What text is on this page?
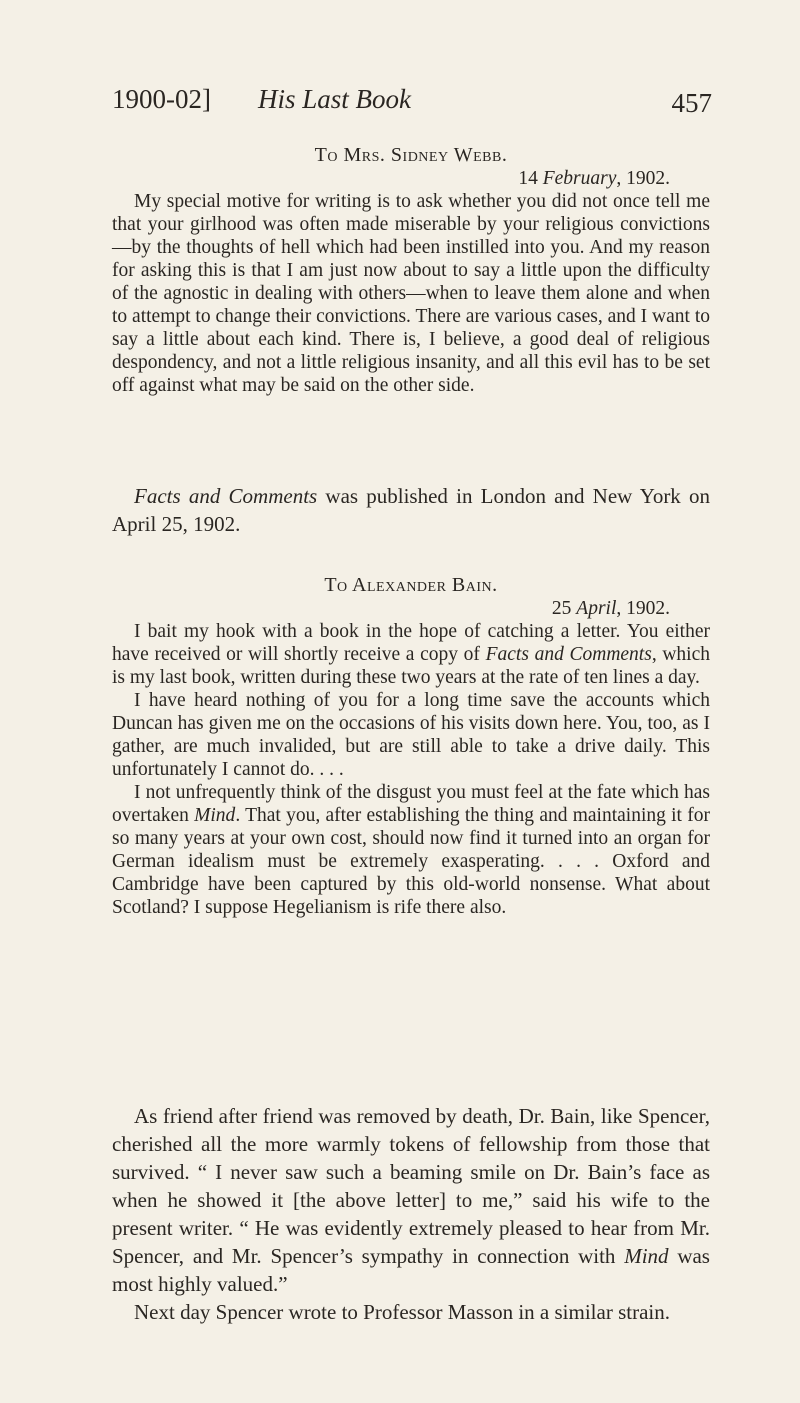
1900-02] His Last Book	457

To Mrs. Sidney Webb.

14 February, 1902.

My special motive for writing is to ask whether you did not once tell me that your girlhood was often made miserable by your religious convictions—by the thoughts of hell which had been instilled into you. And my reason for asking this is that I am just now about to say a little upon the difficulty of the agnostic in dealing with others—when to leave them alone and when to attempt to change their convictions. There are various cases, and I want to say a little about each kind. There is, I believe, a good deal of religious despondency, and not a little religious insanity, and all this evil has to be set off against what may be said on the other side.

Facts and Comments was published in London and New York on April 25, 1902.

To Alexander Bain.

25 April, 1902.

I bait my hook with a book in the hope of catching a letter. You either have received or will shortly receive a copy of Facts and Comments, which is my last book, written during these two years at the rate of ten lines a day.

I have heard nothing of you for a long time save the accounts which Duncan has given me on the occasions of his visits down here. You, too, as I gather, are much invalided, but are still able to take a drive daily. This unfortunately I cannot do. . . .

I not unfrequently think of the disgust you must feel at the fate which has overtaken Mind. That you, after establishing the thing and maintaining it for so many years at your own cost, should now find it turned into an organ for German idealism must be extremely exasperating. . . . Oxford and Cambridge have been captured by this old-world nonsense. What about Scotland? I suppose Hegelianism is rife there also.

As friend after friend was removed by death, Dr. Bain, like Spencer, cherished all the more warmly tokens of fellowship from those that survived. “ I never saw such a beaming smile on Dr. Bain’s face as when he showed it [the above letter] to me,” said his wife to the present writer. “ He was evidently extremely pleased to hear from Mr. Spencer, and Mr. Spencer’s sympathy in connection with Mind was most highly valued.”

Next day Spencer wrote to Professor Masson in a similar strain.
